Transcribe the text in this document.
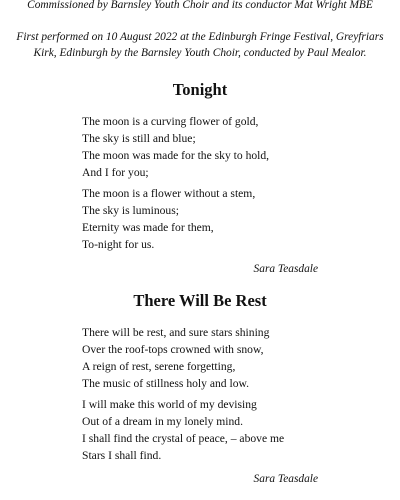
Commissioned by Barnsley Youth Choir and its conductor Mat Wright MBE
First performed on 10 August 2022 at the Edinburgh Fringe Festival, Greyfriars
Kirk, Edinburgh by the Barnsley Youth Choir, conducted by Paul Mealor.
Tonight
The moon is a curving flower of gold,
The sky is still and blue;
The moon was made for the sky to hold,
And I for you;
The moon is a flower without a stem,
The sky is luminous;
Eternity was made for them,
To-night for us.
Sara Teasdale
There Will Be Rest
There will be rest, and sure stars shining
Over the roof-tops crowned with snow,
A reign of rest, serene forgetting,
The music of stillness holy and low.
I will make this world of my devising
Out of a dream in my lonely mind.
I shall find the crystal of peace, – above me
Stars I shall find.
Sara Teasdale
